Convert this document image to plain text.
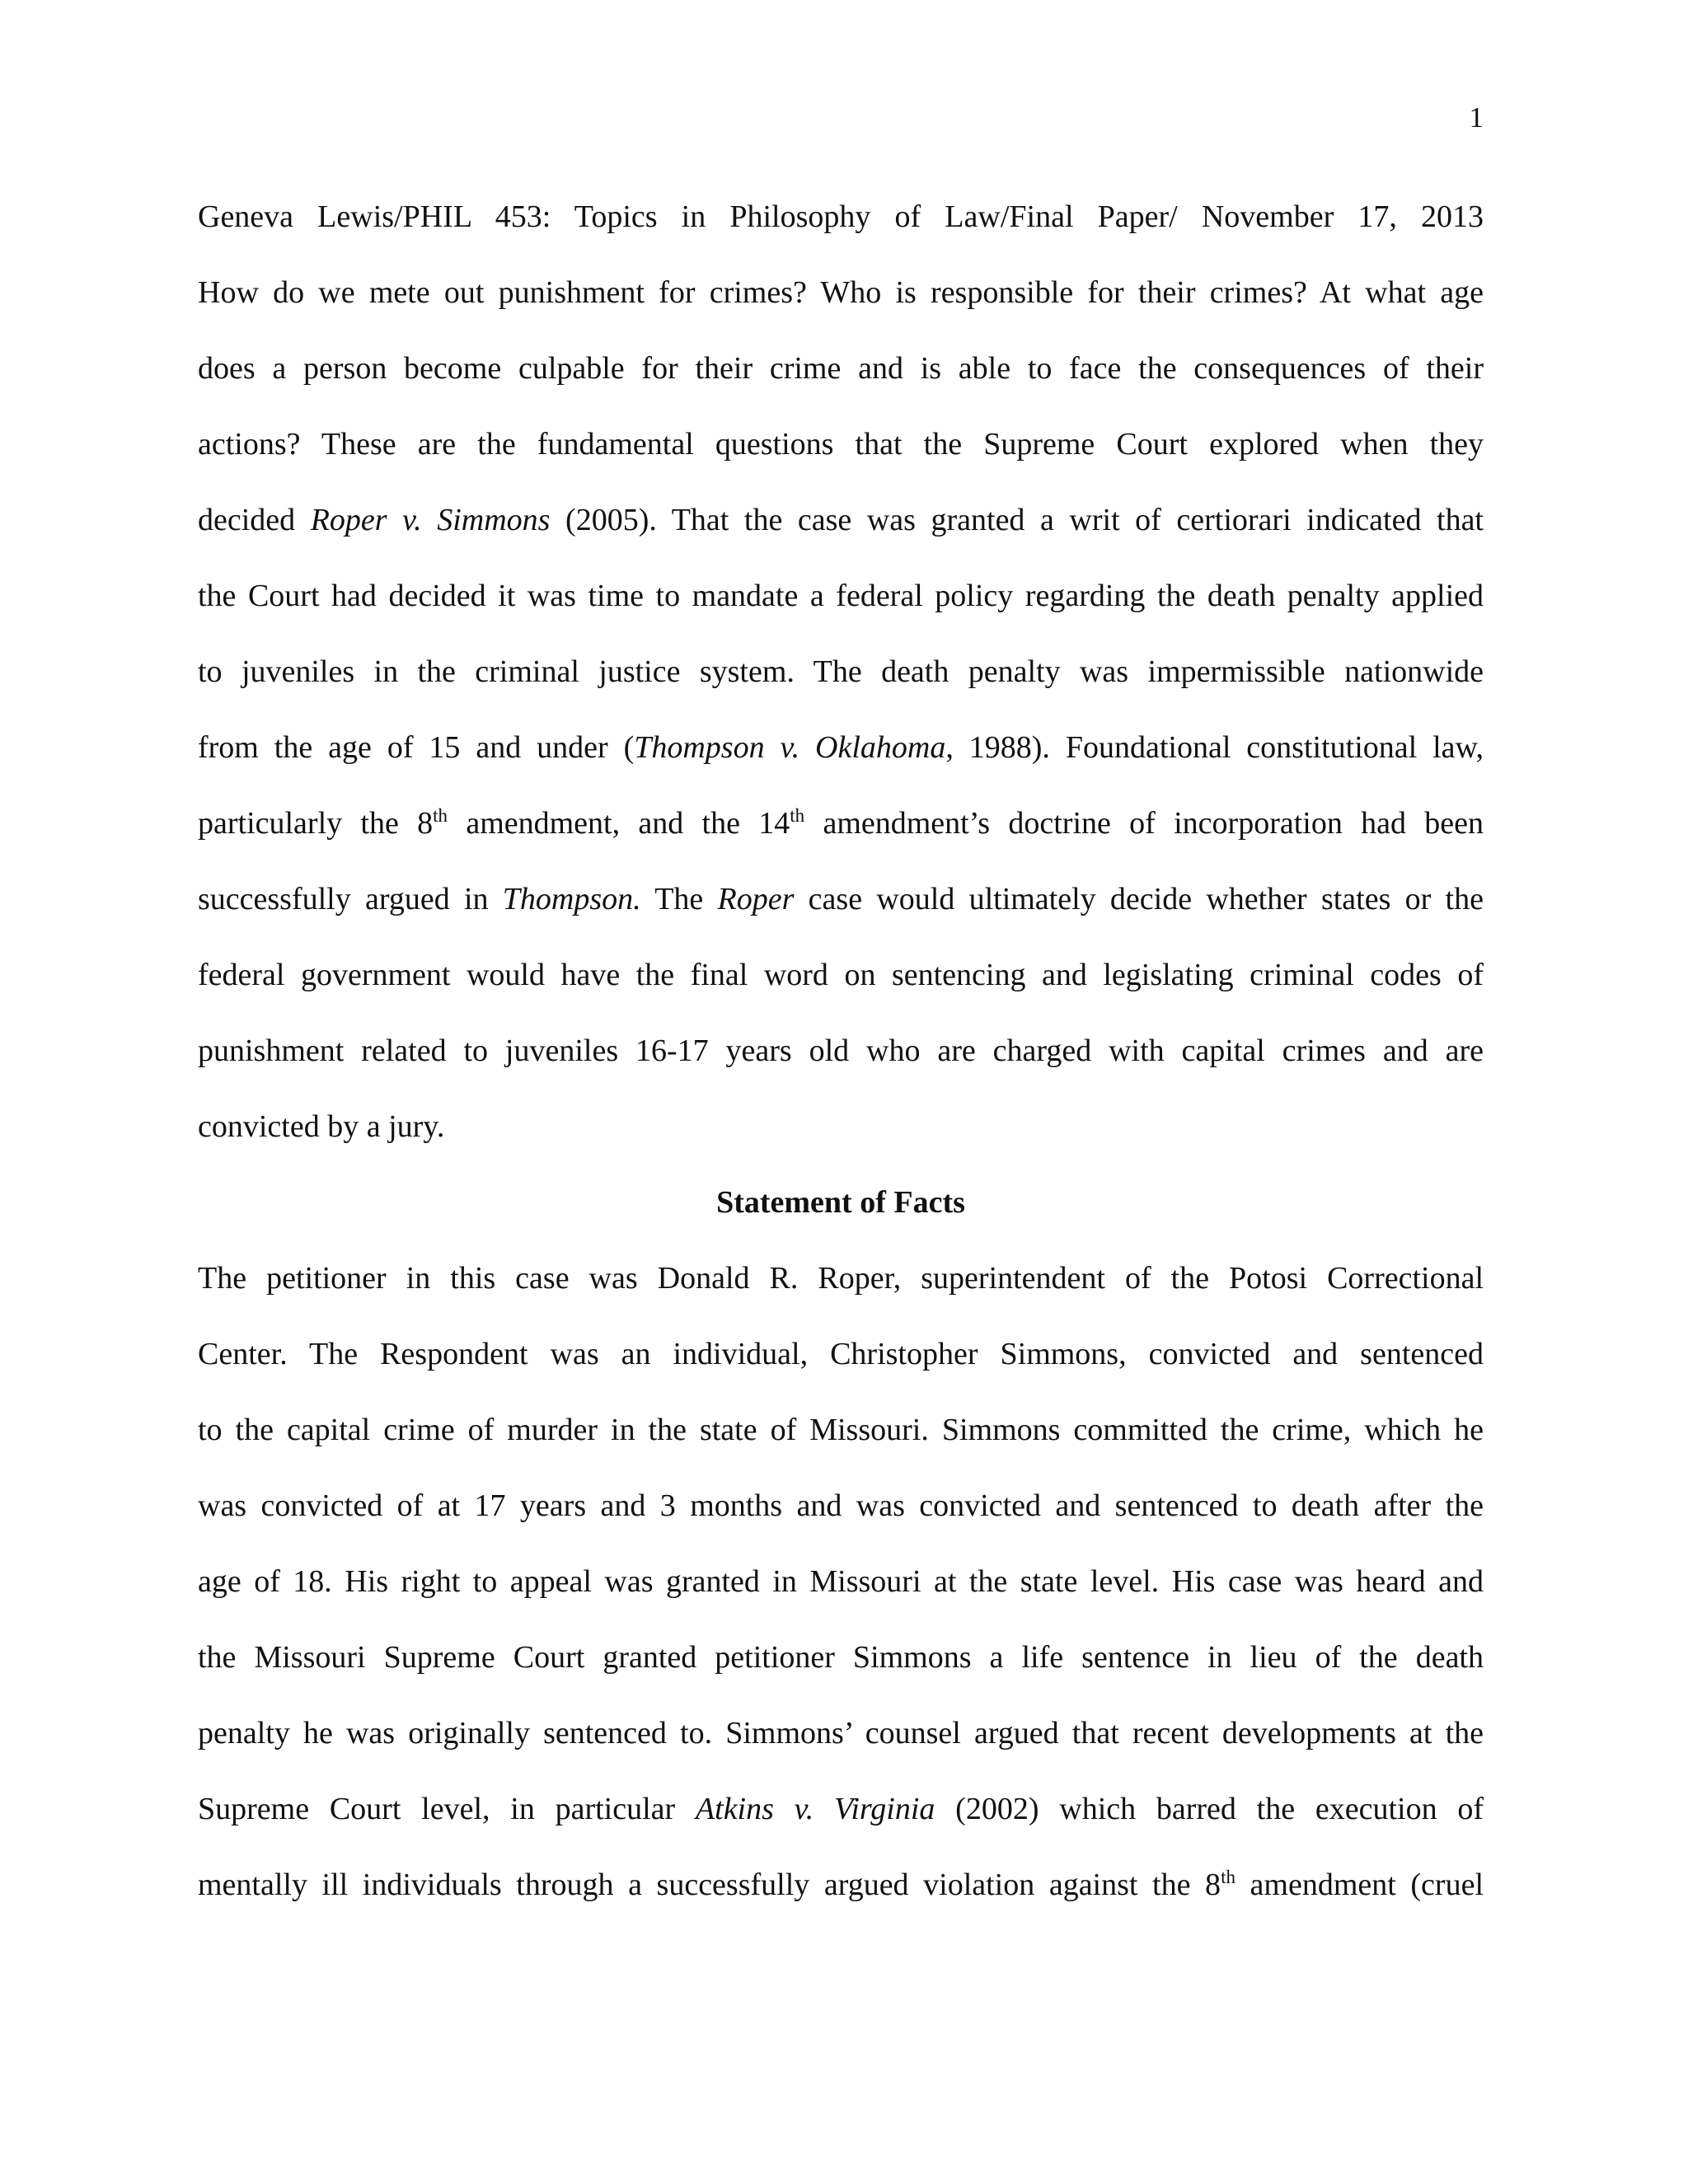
1
Geneva Lewis/PHIL 453: Topics in Philosophy of Law/Final Paper/ November 17, 2013
How do we mete out punishment for crimes? Who is responsible for their crimes? At what age
does a person become culpable for their crime and is able to face the consequences of their
actions? These are the fundamental questions that the Supreme Court explored when they
decided Roper v. Simmons (2005). That the case was granted a writ of certiorari indicated that
the Court had decided it was time to mandate a federal policy regarding the death penalty applied
to juveniles in the criminal justice system. The death penalty was impermissible nationwide
from the age of 15 and under (Thompson v. Oklahoma, 1988). Foundational constitutional law,
particularly the 8th amendment, and the 14th amendment’s doctrine of incorporation had been
successfully argued in Thompson. The Roper case would ultimately decide whether states or the
federal government would have the final word on sentencing and legislating criminal codes of
punishment related to juveniles 16-17 years old who are charged with capital crimes and are
convicted by a jury.
Statement of Facts
The petitioner in this case was Donald R. Roper, superintendent of the Potosi Correctional
Center. The Respondent was an individual, Christopher Simmons, convicted and sentenced
to the capital crime of murder in the state of Missouri. Simmons committed the crime, which he
was convicted of at 17 years and 3 months and was convicted and sentenced to death after the
age of 18. His right to appeal was granted in Missouri at the state level. His case was heard and
the Missouri Supreme Court granted petitioner Simmons a life sentence in lieu of the death
penalty he was originally sentenced to. Simmons’ counsel argued that recent developments at the
Supreme Court level, in particular Atkins v. Virginia (2002) which barred the execution of
mentally ill individuals through a successfully argued violation against the 8th amendment (cruel
